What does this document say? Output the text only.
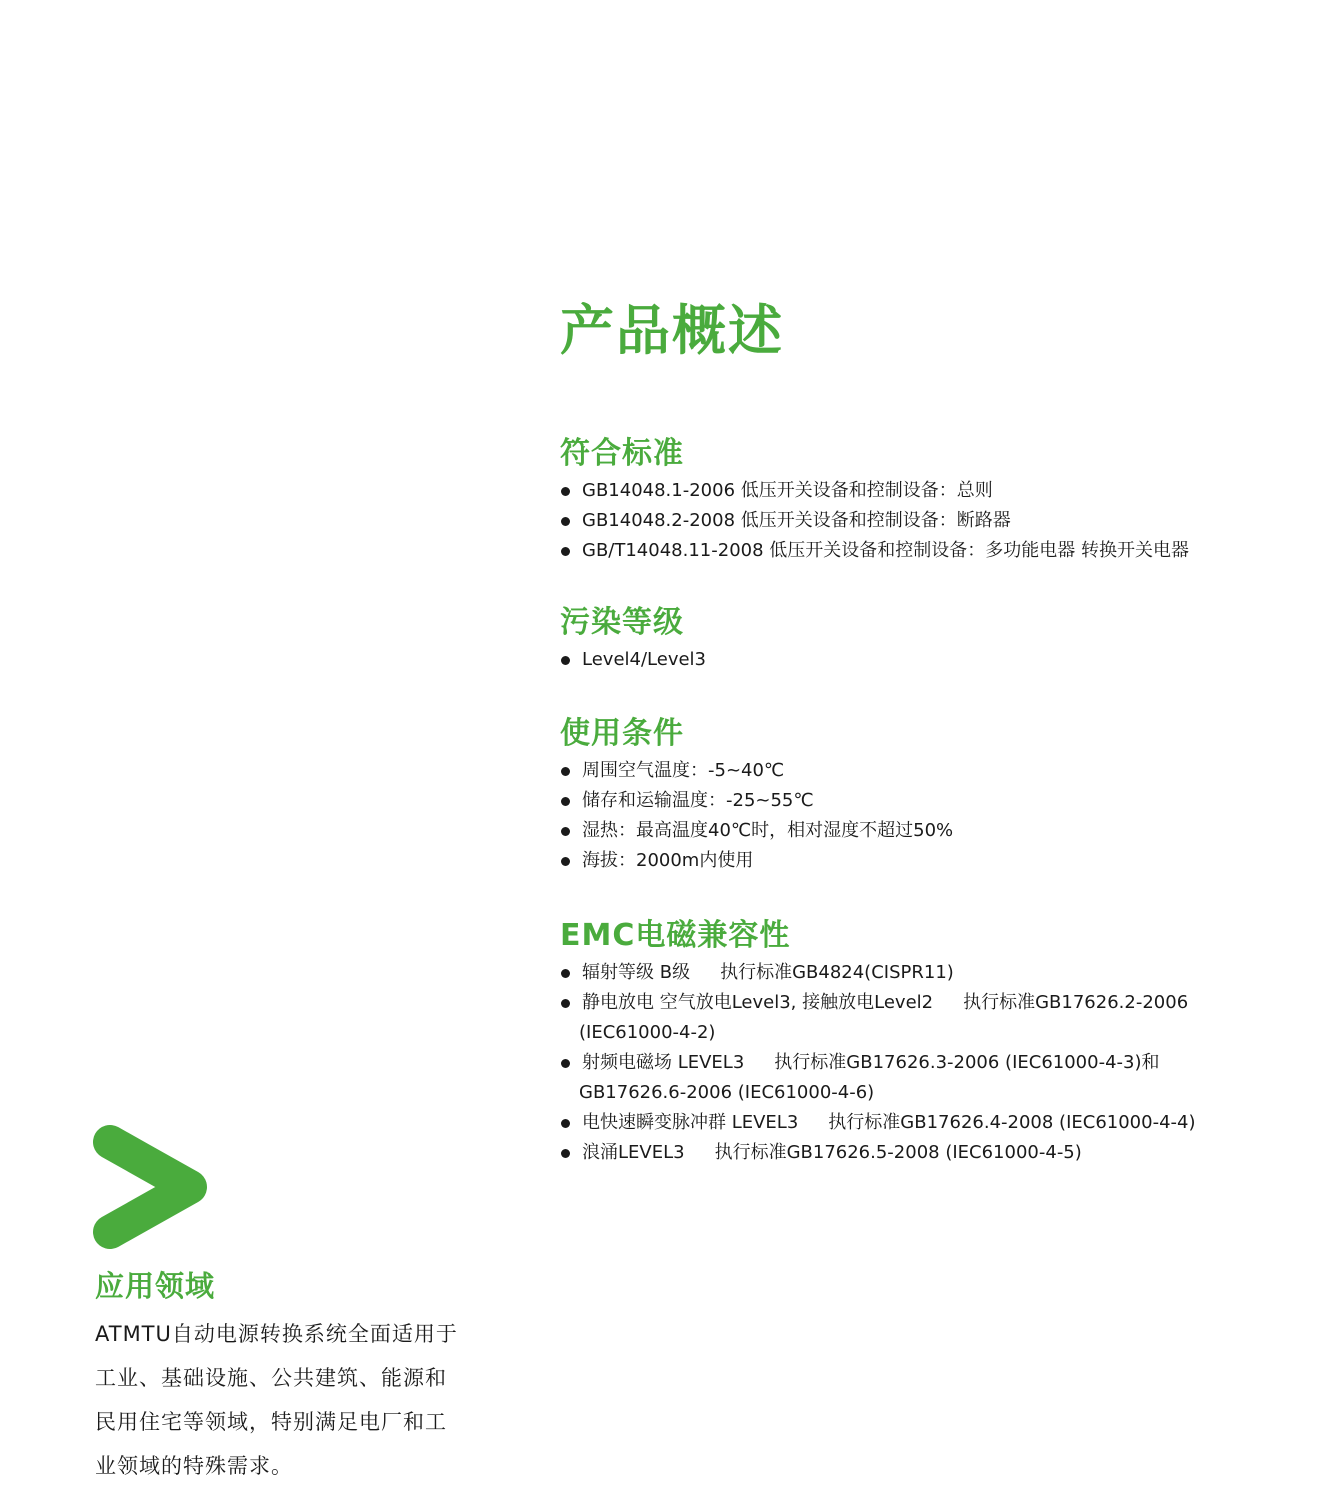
产品概述
符合标准
GB14048.1-2006 低压开关设备和控制设备：总则
GB14048.2-2008 低压开关设备和控制设备：断路器
GB/T14048.11-2008 低压开关设备和控制设备：多功能电器 转换开关电器
污染等级
Level4/Level3
使用条件
周围空气温度：-5~40℃
储存和运输温度：-25~55℃
湿热：最高温度40℃时，相对湿度不超过50%
海拔：2000m内使用
EMC电磁兼容性
辐射等级 B级 执行标准GB4824(CISPR11)
静电放电 空气放电Level3, 接触放电Level2 执行标准GB17626.2-2006
(IEC61000-4-2)
射频电磁场 LEVEL3 执行标准GB17626.3-2006 (IEC61000-4-3)和
GB17626.6-2006 (IEC61000-4-6)
电快速瞬变脉冲群 LEVEL3 执行标准GB17626.4-2008 (IEC61000-4-4)
浪涌LEVEL3 执行标准GB17626.5-2008 (IEC61000-4-5)
应用领域
ATMTU自动电源转换系统全面适用于
工业、基础设施、公共建筑、能源和
民用住宅等领域，特别满足电厂和工
业领域的特殊需求。
